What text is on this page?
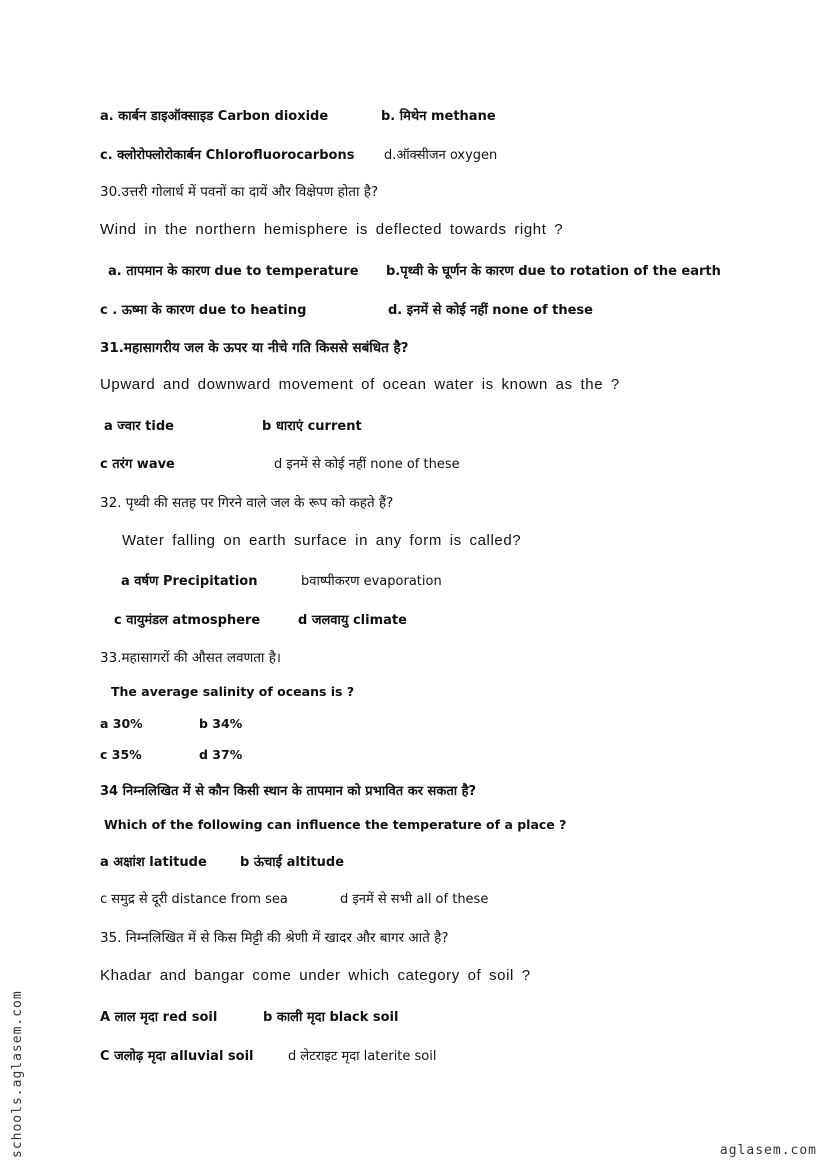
a. कार्बन डाइऑक्साइड Carbon dioxide	b. मिथेन methane
c. क्लोरोफ्लोरोकार्बन Chlorofluorocarbons d.ऑक्सीजन oxygen
30.उत्तरी गोलार्ध में पवनों का दायें और विक्षेपण होता है?
Wind in the northern hemisphere is deflected towards right ?
a. तापमान के कारण due to temperature b.पृथ्वी के घूर्णन के कारण due to rotation of the earth
c . ऊष्मा के कारण due to heating	d. इनमें से कोई नहीं none of these
31.महासागरीय जल के ऊपर या नीचे गति किससे सबंधित है?
Upward and downward movement of ocean water is known as the ?
a ज्वार tide	b धाराएं current
c तरंग wave	d इनमें से कोई नहीं none of these
32. पृथ्वी की सतह पर गिरने वाले जल के रूप को कहते हैं?
Water falling on earth surface in any form is called?
a वर्षण Precipitation	bवाष्पीकरण evaporation
c वायुमंडल atmosphere	d जलवायु climate
33.महासागरों की औसत लवणता है।
The average salinity of oceans is ?
a 30%	b 34%
c 35%	d 37%
34 निम्नलिखित में से कौन किसी स्थान के तापमान को प्रभावित कर सकता है?
Which of the following can influence the temperature of a place ?
a अक्षांश latitude	b ऊंचाई altitude
c समुद्र से दूरी distance from sea	d इनमें से सभी all of these
35. निम्नलिखित में से किस मिट्टी की श्रेणी में खादर और बागर आते है?
Khadar and bangar come under which category of soil ?
A लाल मृदा red soil	b काली मृदा black soil
C जलोढ़ मृदा alluvial soil	d लेटराइट मृदा laterite soil
schools.aglasem.com	aglasem.com
